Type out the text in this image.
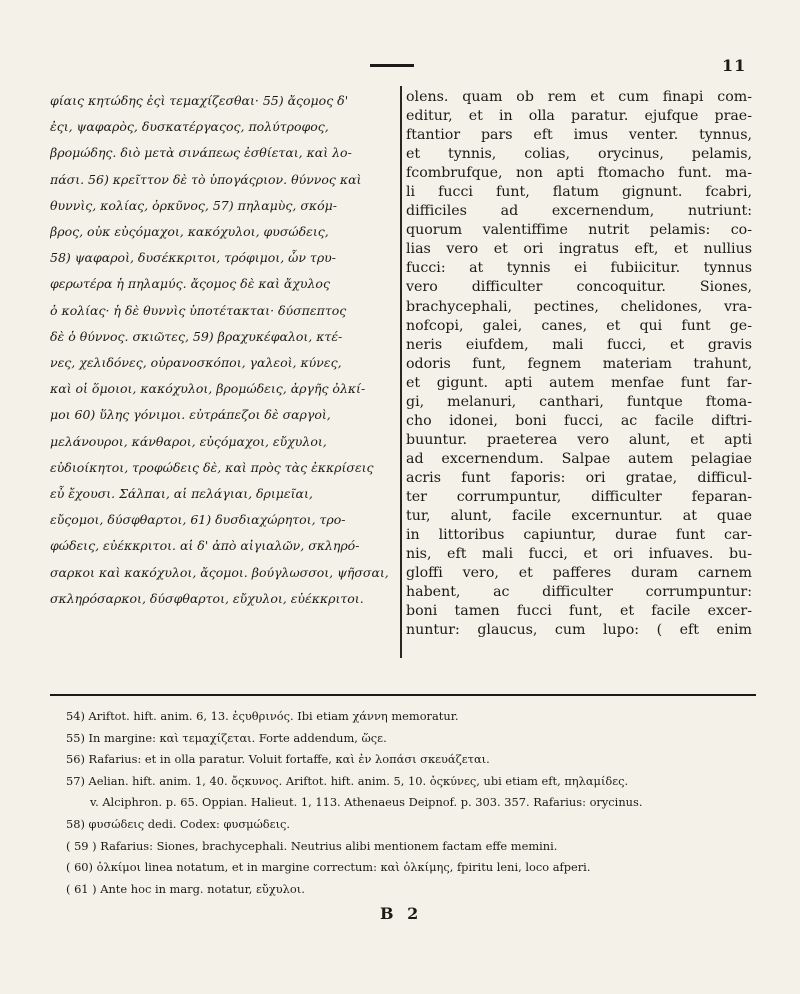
11
φίαις κητώδης ἐςὶ τεμαχίζεσθαι· 55) ἄςομος δ'
ἐςι, ψαφαρὸς, δυσκατέργαςος, πολύτροφος,
βρομώδης. διὸ μετὰ σινάπεως ἐσθίεται, καὶ λο-
πάσι. 56) κρεῖττον δὲ τὸ ὑπογάςριον. θύννος καὶ
θυννὶς, κολίας, ὀρκῦνος, 57) πηλαμὺς, σκόμ-
βρος, οὐκ εὐςόμαχοι, κακόχυλοι, φυσώδεις,
58) ψαφαροὶ, δυσέκκριτοι, τρόφιμοι, ὧν τρυ-
φερωτέρα ἡ πηλαμύς. ἄςομος δὲ καὶ ἄχυλος
ὁ κολίας· ἡ δὲ θυννὶς ὑποτέτακται· δύσπεπτος
δὲ ὁ θύννος. σκιῶτες, 59) βραχυκέφαλοι, κτέ-
νες, χελιδόνες, οὐρανοσκόποι, γαλεοὶ, κύνες,
καὶ οἱ ὅμοιοι, κακόχυλοι, βρομώδεις, ἀργῆς ὀλκί-
μοι 60) ὕλης γόνιμοι. εὐτράπεζοι δὲ σαργοὶ,
μελάνουροι, κάνθαροι, εὐςόμαχοι, εὔχυλοι,
εὐδιοίκητοι, τροφώδεις δὲ, καὶ πρὸς τὰς ἐκκρίσεις
εὖ ἔχουσι. Σάλπαι, αἱ πελάγιαι, δριμεῖαι,
εὔςομοι, δύσφθαρτοι, 61) δυσδιαχώρητοι, τρο-
φώδεις, εὐέκκριτοι. αἱ δ' ἀπὸ αἰγιαλῶν, σκληρό-
σαρκοι καὶ κακόχυλοι, ἄςομοι. βούγλωσσοι, ψῆσσαι,
σκληρόσαρκοι, δύσφθαρτοι, εὔχυλοι, εὐέκκριτοι.
olens. quam ob rem et cum finapi com-
editur, et in olla paratur. ejufque prae-
ftantior pars eft imus venter. tynnus,
et tynnis, colias, orycinus, pelamis,
fcombrufque, non apti ftomacho funt. ma-
li fucci funt, flatum gignunt. fcabri,
difficiles ad excernendum, nutriunt:
quorum valentiffime nutrit pelamis: co-
lias vero et ori ingratus eft, et nullius
fucci: at tynnis ei fubiicitur. tynnus
vero difficulter concoquitur. Siones,
brachycephali, pectines, chelidones, vra-
nofcopi, galei, canes, et qui funt ge-
neris eiufdem, mali fucci, et gravis
odoris funt, fegnem materiam trahunt,
et gigunt. apti autem menfae funt far-
gi, melanuri, canthari, funtque ftoma-
cho idonei, boni fucci, ac facile diftri-
buuntur. praeterea vero alunt, et apti
ad excernendum. Salpae autem pelagiae
acris funt faporis: ori gratae, difficul-
ter corrumpuntur, difficulter feparan-
tur, alunt, facile excernuntur. at quae
in littoribus capiuntur, durae funt car-
nis, eft mali fucci, et ori infuaves. bu-
gloffi vero, et pafferes duram carnem
habent, ac difficulter corrumpuntur:
boni tamen fucci funt, et facile excer-
nuntur: glaucus, cum lupo: ( eft enim
54) Ariftot. hift. anim. 6, 13. ἐςυθρινός. Ibi etiam χάννη memoratur.
55) In margine: καὶ τεμαχίζεται. Forte addendum, ὥςε.
56) Rafarius: et in olla paratur. Voluit fortaffe, καὶ ἐν λοπάσι σκευάζεται.
57) Aelian. hift. anim. 1, 40. ὄςκυνος. Ariftot. hift. anim. 5, 10. ὀςκύνες, ubi etiam eft, πηλαμίδες.
v. Alciphron. p. 65. Oppian. Halieut. 1, 113. Athenaeus Deipnof. p. 303. 357. Rafarius: orycinus.
58) φυσώδεις dedi. Codex: φυσμώδεις.
( 59 ) Rafarius: Siones, brachycephali. Neutrius alibi mentionem factam effe memini.
( 60) ὀλκίμοι linea notatum, et in margine correctum: καὶ ὁλκίμης, fpiritu leni, loco afperi.
( 61 ) Ante hoc in marg. notatur, εὔχυλοι.
B 2
